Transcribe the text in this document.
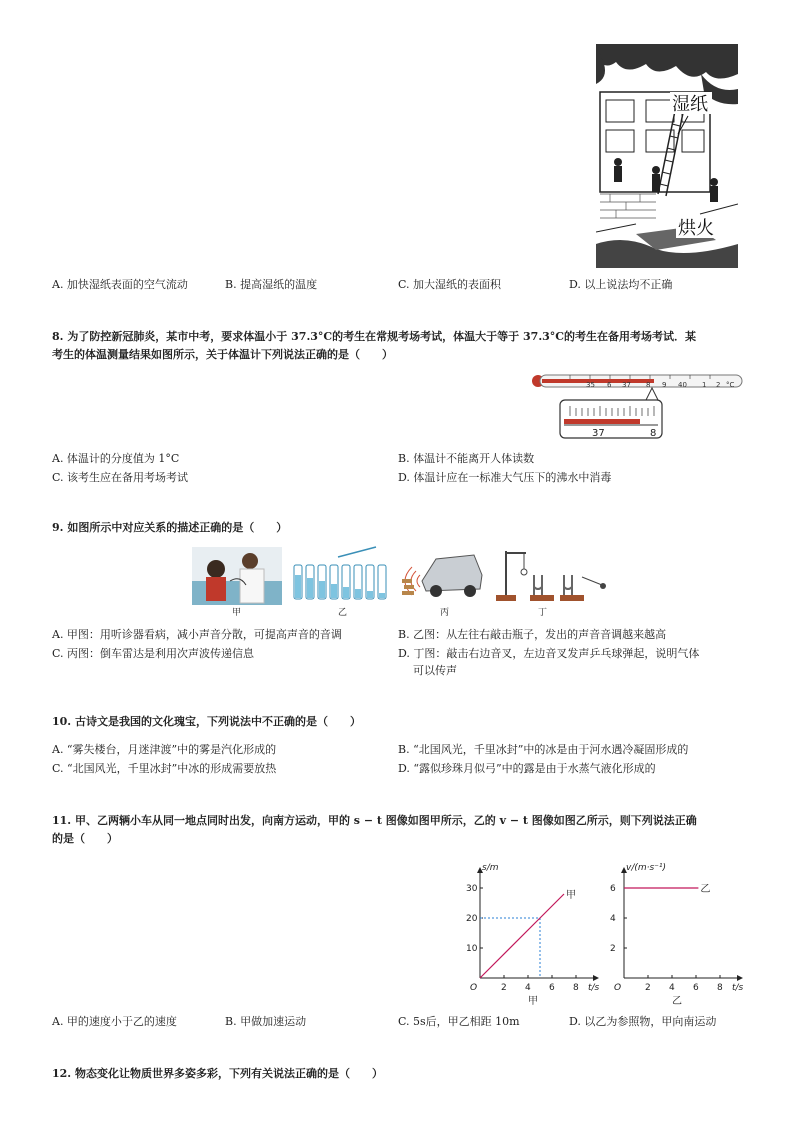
湿纸
烘火
A. 加快湿纸表面的空气流动	B. 提高湿纸的温度	C. 加大湿纸的表面积	D. 以上说法均不正确
8. 为了防控新冠肺炎，某市中考，要求体温小于 37.3°C的考生在常规考场考试，体温大于等于 37.3°C的考生在备用考场考试．某
考生的体温测量结果如图所示，关于体温计下列说法正确的是（　　）
35 6 37 8 9 40 1 2 °C
37	8
A. 体温计的分度值为 1°C	B. 体温计不能离开人体读数
C. 该考生应在备用考场考试	D. 体温计应在一标准大气压下的沸水中消毒
9. 如图所示中对应关系的描述正确的是（　　）
甲	乙	丙	丁
A. 甲图：用听诊器看病，减小声音分散，可提高声音的音调	B. 乙图：从左往右敲击瓶子，发出的声音音调越来越高
C. 丙图：倒车雷达是利用次声波传递信息	D. 丁图：敲击右边音叉，左边音叉发声乒乓球弹起，说明气体
可以传声
10. 古诗文是我国的文化瑰宝，下列说法中不正确的是（　　）
A. “雾失楼台，月迷津渡”中的雾是汽化形成的	B. “北国风光，千里冰封”中的冰是由于河水遇冷凝固形成的
C. “北国风光，千里冰封”中冰的形成需要放热	D. “露似珍珠月似弓”中的露是由于水蒸气液化形成的
11. 甲、乙两辆小车从同一地点同时出发，向南方运动，甲的 s − t 图像如图甲所示，乙的 v − t 图像如图乙所示，则下列说法正确
的是（　　）
s/m
t/s
O	2 4 6 8
10
20
30
甲
甲
v/(m·s⁻¹)
t/s
O	2 4 6 8
2
4
6	乙
乙
A. 甲的速度小于乙的速度	B. 甲做加速运动	C. 5s后，甲乙相距 10m	D. 以乙为参照物，甲向南运动
12. 物态变化让物质世界多姿多彩，下列有关说法正确的是（　　）
